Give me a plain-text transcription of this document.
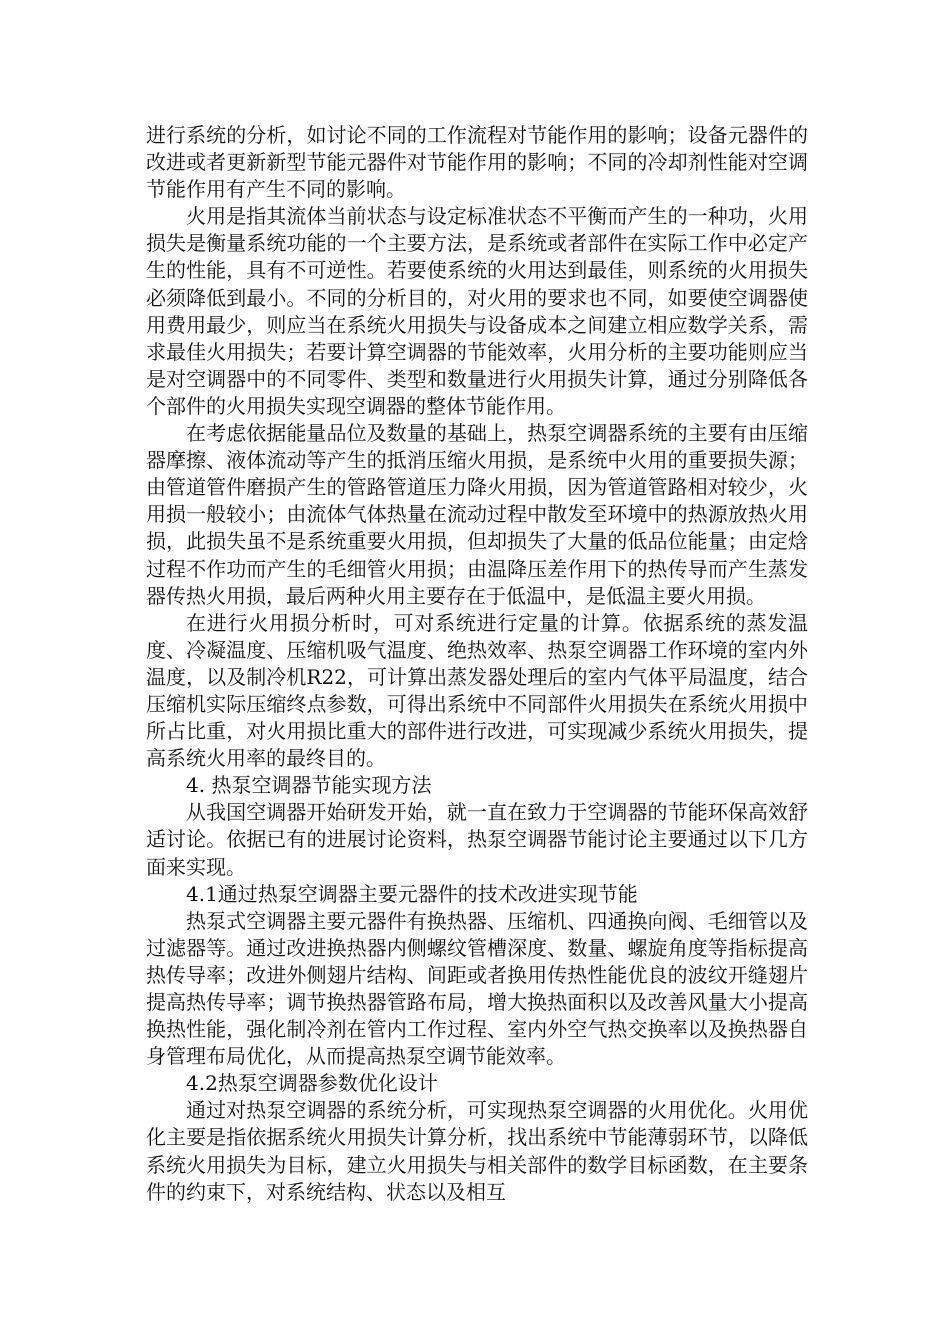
进行系统的分析，如讨论不同的工作流程对节能作用的影响；设备元器件的改进或者更新新型节能元器件对节能作用的影响；不同的冷却剂性能对空调节能作用有产生不同的影响。

火用是指其流体当前状态与设定标准状态不平衡而产生的一种功，火用损失是衡量系统功能的一个主要方法，是系统或者部件在实际工作中必定产生的性能，具有不可逆性。若要使系统的火用达到最佳，则系统的火用损失必须降低到最小。不同的分析目的，对火用的要求也不同，如要使空调器使用费用最少，则应当在系统火用损失与设备成本之间建立相应数学关系，需求最佳火用损失；若要计算空调器的节能效率，火用分析的主要功能则应当是对空调器中的不同零件、类型和数量进行火用损失计算，通过分别降低各个部件的火用损失实现空调器的整体节能作用。

在考虑依据能量品位及数量的基础上，热泵空调器系统的主要有由压缩器摩擦、液体流动等产生的抵消压缩火用损，是系统中火用的重要损失源；由管道管件磨损产生的管路管道压力降火用损，因为管道管路相对较少，火用损一般较小；由流体气体热量在流动过程中散发至环境中的热源放热火用损，此损失虽不是系统重要火用损，但却损失了大量的低品位能量；由定焓过程不作功而产生的毛细管火用损；由温降压差作用下的热传导而产生蒸发器传热火用损，最后两种火用主要存在于低温中，是低温主要火用损。

在进行火用损分析时，可对系统进行定量的计算。依据系统的蒸发温度、冷凝温度、压缩机吸气温度、绝热效率、热泵空调器工作环境的室内外温度，以及制冷机R22，可计算出蒸发器处理后的室内气体平局温度，结合压缩机实际压缩终点参数，可得出系统中不同部件火用损失在系统火用损中所占比重，对火用损比重大的部件进行改进，可实现减少系统火用损失，提高系统火用率的最终目的。

4. 热泵空调器节能实现方法

从我国空调器开始研发开始，就一直在致力于空调器的节能环保高效舒适讨论。依据已有的进展讨论资料，热泵空调器节能讨论主要通过以下几方面来实现。

4.1通过热泵空调器主要元器件的技术改进实现节能

热泵式空调器主要元器件有换热器、压缩机、四通换向阀、毛细管以及过滤器等。通过改进换热器内侧螺纹管槽深度、数量、螺旋角度等指标提高热传导率；改进外侧翅片结构、间距或者换用传热性能优良的波纹开缝翅片提高热传导率；调节换热器管路布局，增大换热面积以及改善风量大小提高换热性能，强化制冷剂在管内工作过程、室内外空气热交换率以及换热器自身管理布局优化，从而提高热泵空调节能效率。

4.2热泵空调器参数优化设计

通过对热泵空调器的系统分析，可实现热泵空调器的火用优化。火用优化主要是指依据系统火用损失计算分析，找出系统中节能薄弱环节，以降低系统火用损失为目标，建立火用损失与相关部件的数学目标函数，在主要条件的约束下，对系统结构、状态以及相互
